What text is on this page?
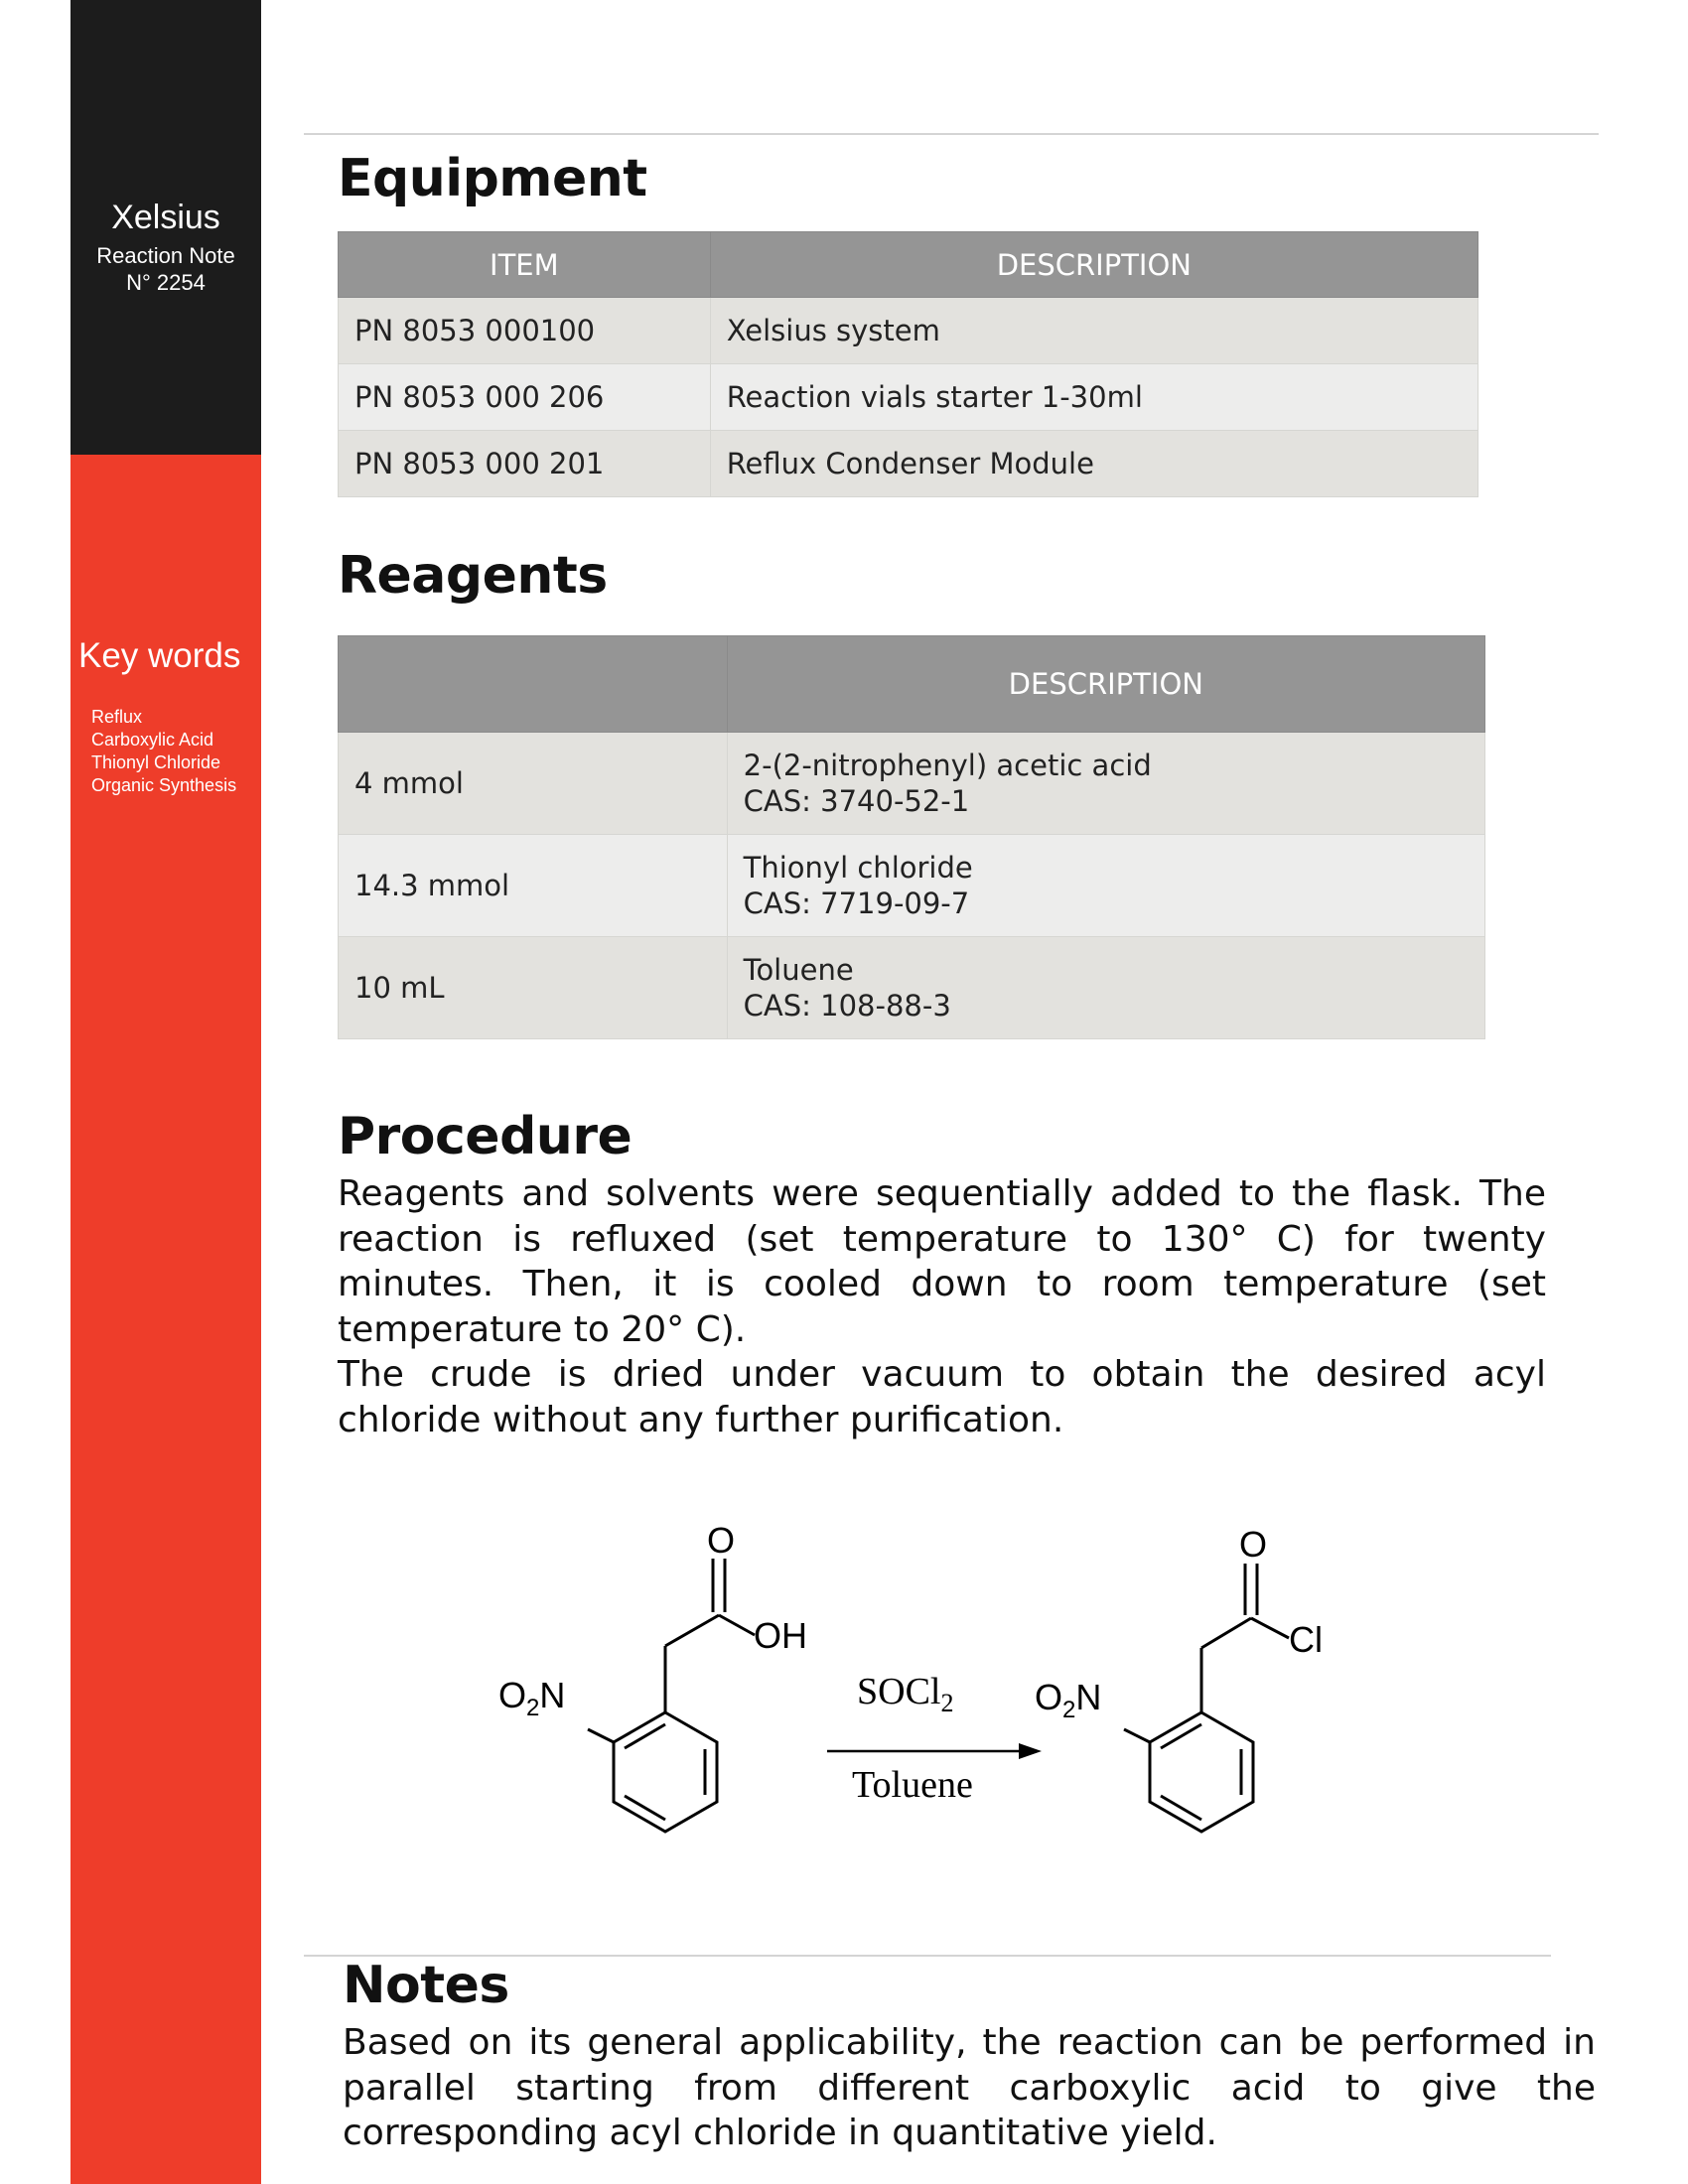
Xelsius
Reaction Note
N° 2254
Key words
Reflux
Carboxylic Acid
Thionyl Chloride
Organic Synthesis
Equipment
ITEM	DESCRIPTION
PN 8053 000100	Xelsius system
PN 8053 000 206	Reaction vials starter 1-30ml
PN 8053 000 201	Reflux Condenser Module
Reagents
	DESCRIPTION
4 mmol	2-(2-nitrophenyl) acetic acid
CAS: 3740-52-1

14.3 mmol	Thionyl chloride
CAS: 7719-09-7

10 mL	Toluene
CAS: 108-88-3
Procedure

Reagents and solvents were sequentially added to the flask. The reaction is refluxed (set temperature to 130° C) for twenty minutes. Then, it is cooled down to room temperature (set temperature to 20° C).

The crude is dried under vacuum to obtain the desired acyl chloride without any further purification.

O
OH
$O_2N$	SOCl$_2$
Toluene
O
Cl
$O_2N$
Notes

Based on its general applicability, the reaction can be performed in parallel starting from different carboxylic acid to give the corresponding acyl chloride in quantitative yield.
